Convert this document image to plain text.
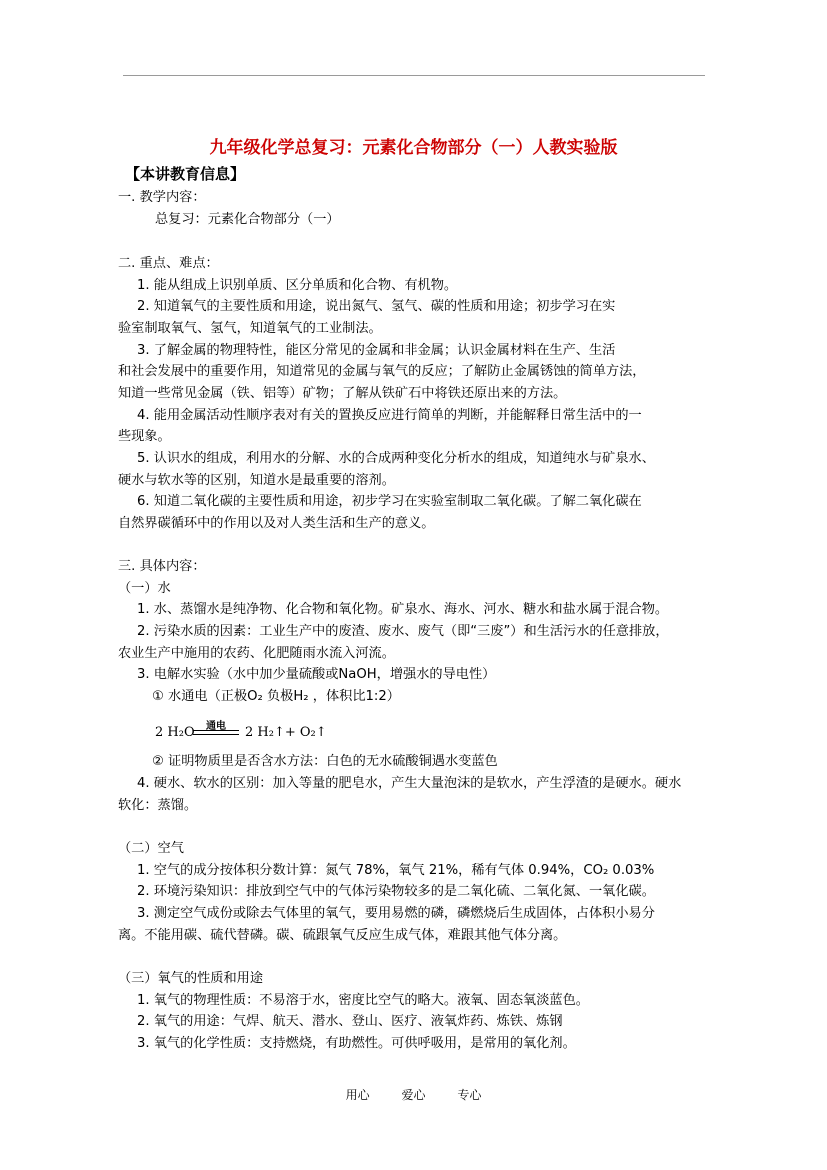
九年级化学总复习：元素化合物部分（一）人教实验版
【本讲教育信息】
一. 教学内容：
总复习：元素化合物部分（一）
二. 重点、难点：
1. 能从组成上识别单质、区分单质和化合物、有机物。
2. 知道氧气的主要性质和用途，说出氮气、氢气、碳的性质和用途；初步学习在实
验室制取氧气、氢气，知道氧气的工业制法。
3. 了解金属的物理特性，能区分常见的金属和非金属；认识金属材料在生产、生活
和社会发展中的重要作用，知道常见的金属与氧气的反应；了解防止金属锈蚀的简单方法，
知道一些常见金属（铁、铝等）矿物；了解从铁矿石中将铁还原出来的方法。
4. 能用金属活动性顺序表对有关的置换反应进行简单的判断，并能解释日常生活中的一
些现象。
5. 认识水的组成，利用水的分解、水的合成两种变化分析水的组成，知道纯水与矿泉水、
硬水与软水等的区别，知道水是最重要的溶剂。
6. 知道二氧化碳的主要性质和用途，初步学习在实验室制取二氧化碳。了解二氧化碳在
自然界碳循环中的作用以及对人类生活和生产的意义。
三. 具体内容：
（一）水
1. 水、蒸馏水是纯净物、化合物和氧化物。矿泉水、海水、河水、糖水和盐水属于混合物。
2. 污染水质的因素：工业生产中的废渣、废水、废气（即“三废”）和生活污水的任意排放，
农业生产中施用的农药、化肥随雨水流入河流。
3. 电解水实验（水中加少量硫酸或NaOH，增强水的导电性）
① 水通电（正极O₂ 负极H₂ ，体积比1:2）
2 H₂O 通电 2 H₂↑+ O₂↑
② 证明物质里是否含水方法：白色的无水硫酸铜遇水变蓝色
4. 硬水、软水的区别：加入等量的肥皂水，产生大量泡沫的是软水，产生浮渣的是硬水。硬水
软化：蒸馏。
（二）空气
1. 空气的成分按体积分数计算：氮气 78%，氧气 21%，稀有气体 0.94%，CO₂ 0.03%
2. 环境污染知识：排放到空气中的气体污染物较多的是二氧化硫、二氧化氮、一氧化碳。
3. 测定空气成份或除去气体里的氧气，要用易燃的磷，磷燃烧后生成固体，占体积小易分
离。不能用碳、硫代替磷。碳、硫跟氧气反应生成气体，难跟其他气体分离。
（三）氧气的性质和用途
1. 氧气的物理性质：不易溶于水，密度比空气的略大。液氧、固态氧淡蓝色。
2. 氧气的用途：气焊、航天、潜水、登山、医疗、液氧炸药、炼铁、炼钢
3. 氧气的化学性质：支持燃烧，有助燃性。可供呼吸用，是常用的氧化剂。
用心	爱心	专心
